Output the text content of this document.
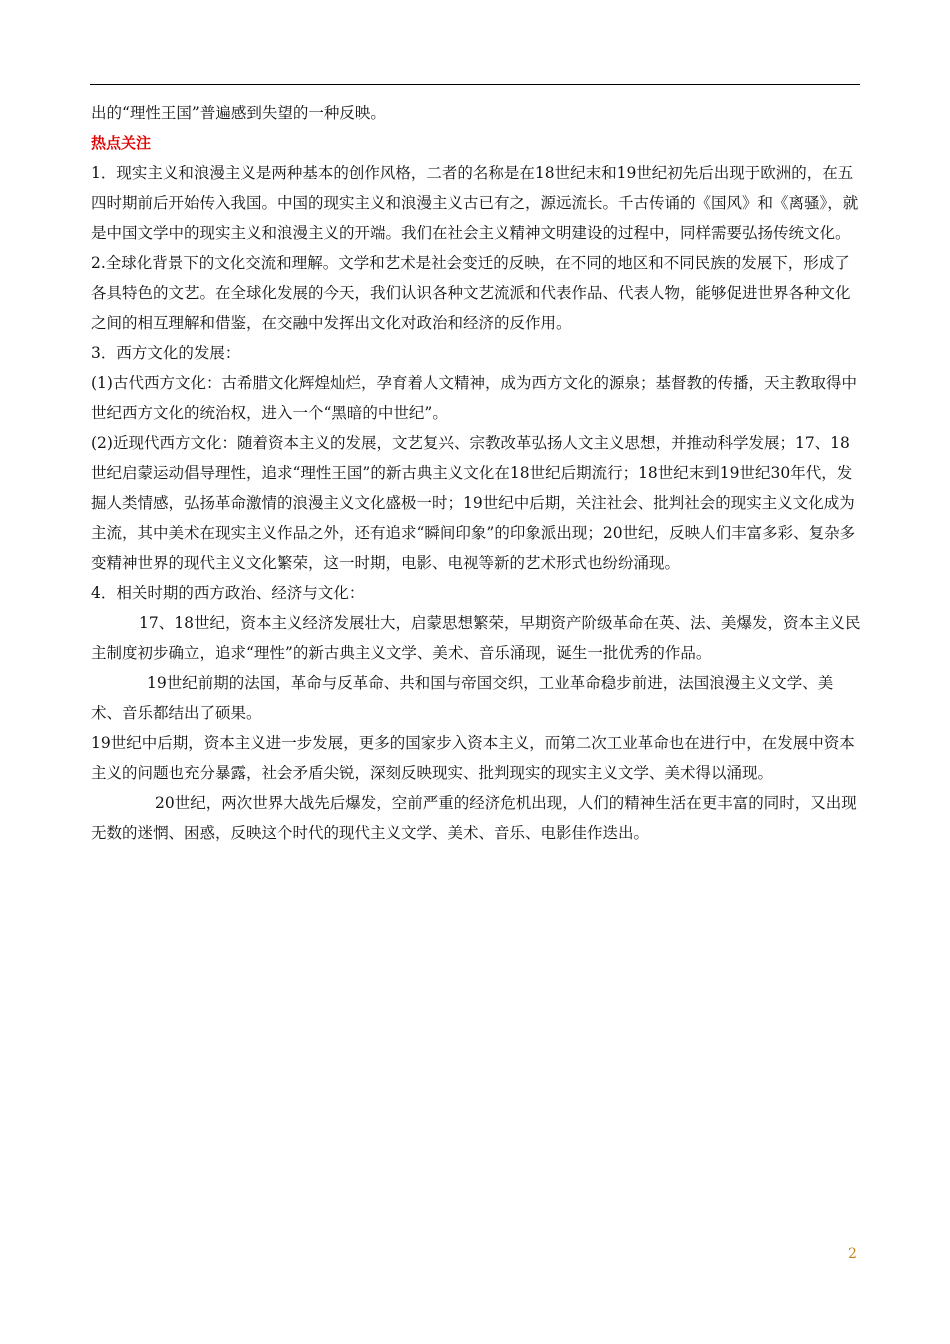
出的“理性王国”普遍感到失望的一种反映。

热点关注

1．现实主义和浪漫主义是两种基本的创作风格，二者的名称是在18世纪末和19世纪初先后出现于欧洲的，在五四时期前后开始传入我国。中国的现实主义和浪漫主义古已有之，源远流长。千古传诵的《国风》和《离骚》，就是中国文学中的现实主义和浪漫主义的开端。我们在社会主义精神文明建设的过程中，同样需要弘扬传统文化。

2.全球化背景下的文化交流和理解。文学和艺术是社会变迁的反映，在不同的地区和不同民族的发展下，形成了各具特色的文艺。在全球化发展的今天，我们认识各种文艺流派和代表作品、代表人物，能够促进世界各种文化之间的相互理解和借鉴，在交融中发挥出文化对政治和经济的反作用。

3．西方文化的发展：

(1)古代西方文化：古希腊文化辉煌灿烂，孕育着人文精神，成为西方文化的源泉；基督教的传播，天主教取得中世纪西方文化的统治权，进入一个“黑暗的中世纪”。

(2)近现代西方文化：随着资本主义的发展，文艺复兴、宗教改革弘扬人文主义思想，并推动科学发展；17、18世纪启蒙运动倡导理性，追求“理性王国”的新古典主义文化在18世纪后期流行；18世纪末到19世纪30年代，发掘人类情感，弘扬革命激情的浪漫主义文化盛极一时；19世纪中后期，关注社会、批判社会的现实主义文化成为主流，其中美术在现实主义作品之外，还有追求“瞬间印象”的印象派出现；20世纪，反映人们丰富多彩、复杂多变精神世界的现代主义文化繁荣，这一时期，电影、电视等新的艺术形式也纷纷涌现。

4．相关时期的西方政治、经济与文化：

17、18世纪，资本主义经济发展壮大，启蒙思想繁荣，早期资产阶级革命在英、法、美爆发，资本主义民主制度初步确立，追求“理性”的新古典主义文学、美术、音乐涌现，诞生一批优秀的作品。

19世纪前期的法国，革命与反革命、共和国与帝国交织，工业革命稳步前进，法国浪漫主义文学、美术、音乐都结出了硕果。

19世纪中后期，资本主义进一步发展，更多的国家步入资本主义，而第二次工业革命也在进行中，在发展中资本主义的问题也充分暴露，社会矛盾尖锐，深刻反映现实、批判现实的现实主义文学、美术得以涌现。

20世纪，两次世界大战先后爆发，空前严重的经济危机出现，人们的精神生活在更丰富的同时，又出现无数的迷惘、困惑，反映这个时代的现代主义文学、美术、音乐、电影佳作迭出。

2
